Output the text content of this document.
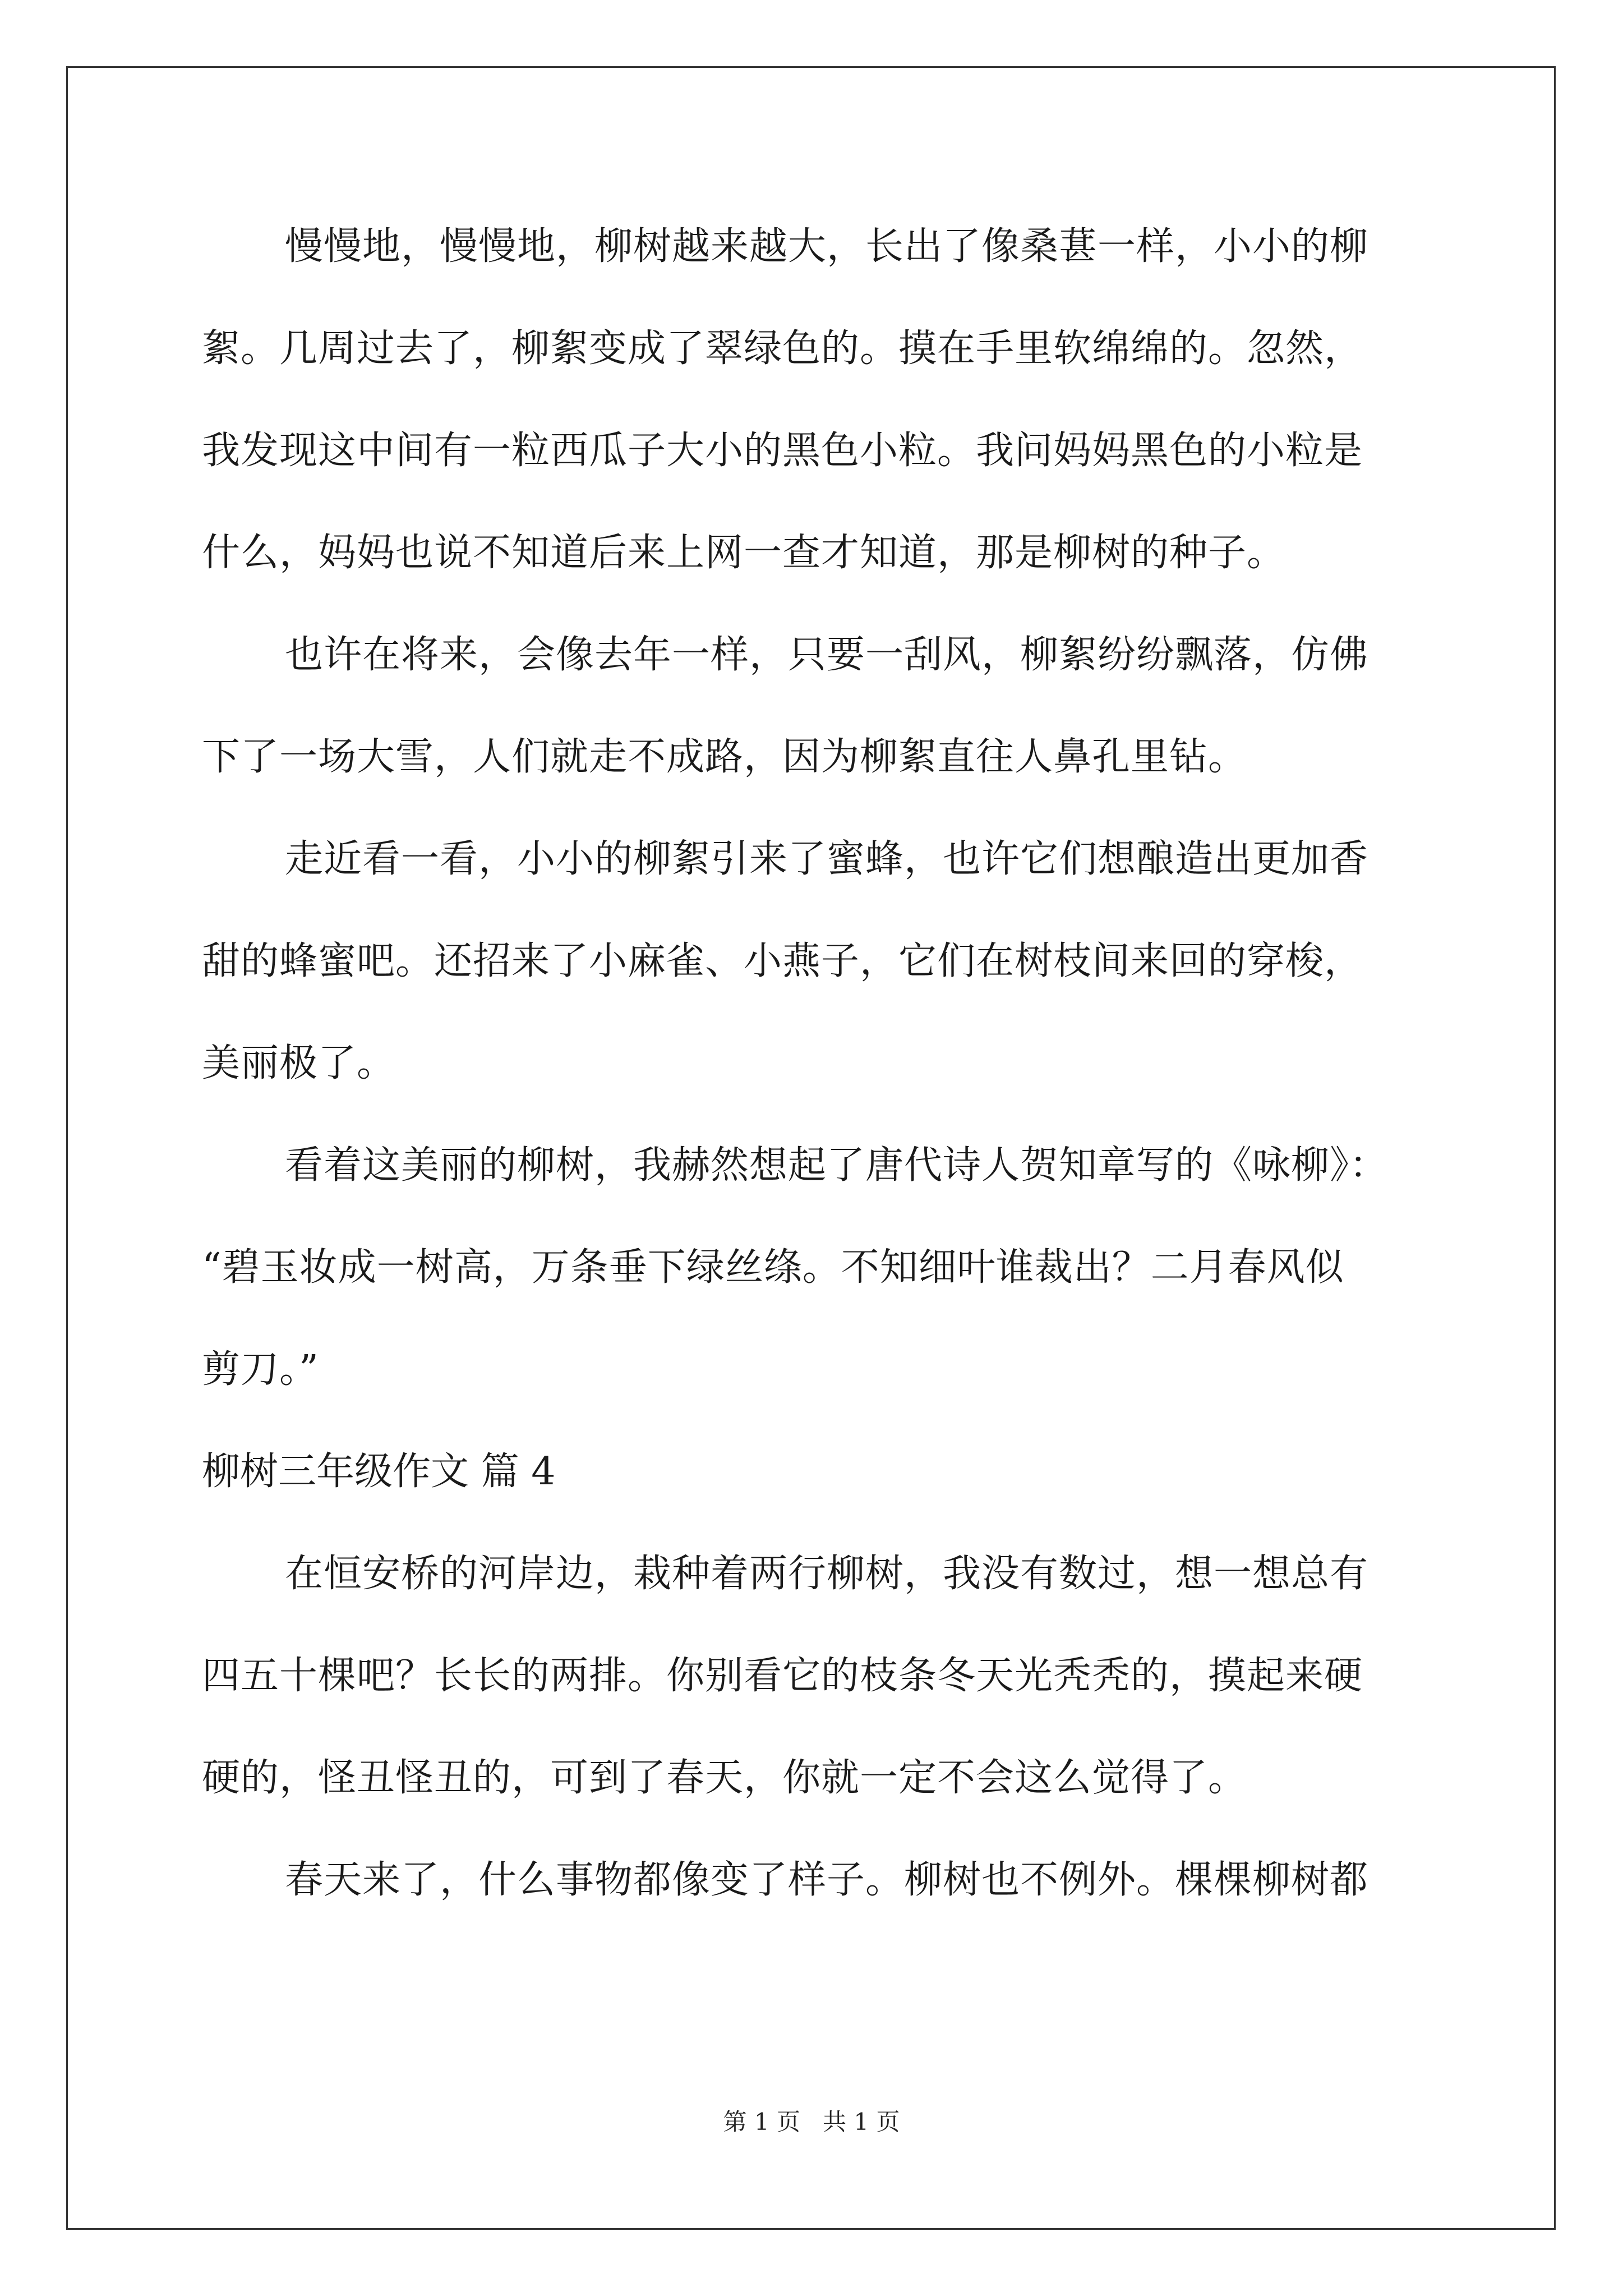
慢慢地，慢慢地，柳树越来越大，长出了像桑葚一样，小小的柳
絮。几周过去了，柳絮变成了翠绿色的。摸在手里软绵绵的。忽然，
我发现这中间有一粒西瓜子大小的黑色小粒。我问妈妈黑色的小粒是
什么，妈妈也说不知道后来上网一查才知道，那是柳树的种子。
也许在将来，会像去年一样，只要一刮风，柳絮纷纷飘落，仿佛
下了一场大雪，人们就走不成路，因为柳絮直往人鼻孔里钻。
走近看一看，小小的柳絮引来了蜜蜂，也许它们想酿造出更加香
甜的蜂蜜吧。还招来了小麻雀、小燕子，它们在树枝间来回的穿梭，
美丽极了。
看着这美丽的柳树，我赫然想起了唐代诗人贺知章写的《咏柳》：
“碧玉妆成一树高，万条垂下绿丝绦。不知细叶谁裁出？二月春风似
剪刀。”
柳树三年级作文 篇 4
在恒安桥的河岸边，栽种着两行柳树，我没有数过，想一想总有
四五十棵吧？长长的两排。你别看它的枝条冬天光秃秃的，摸起来硬
硬的，怪丑怪丑的，可到了春天，你就一定不会这么觉得了。
春天来了，什么事物都像变了样子。柳树也不例外。棵棵柳树都
第 1 页   共 1 页
